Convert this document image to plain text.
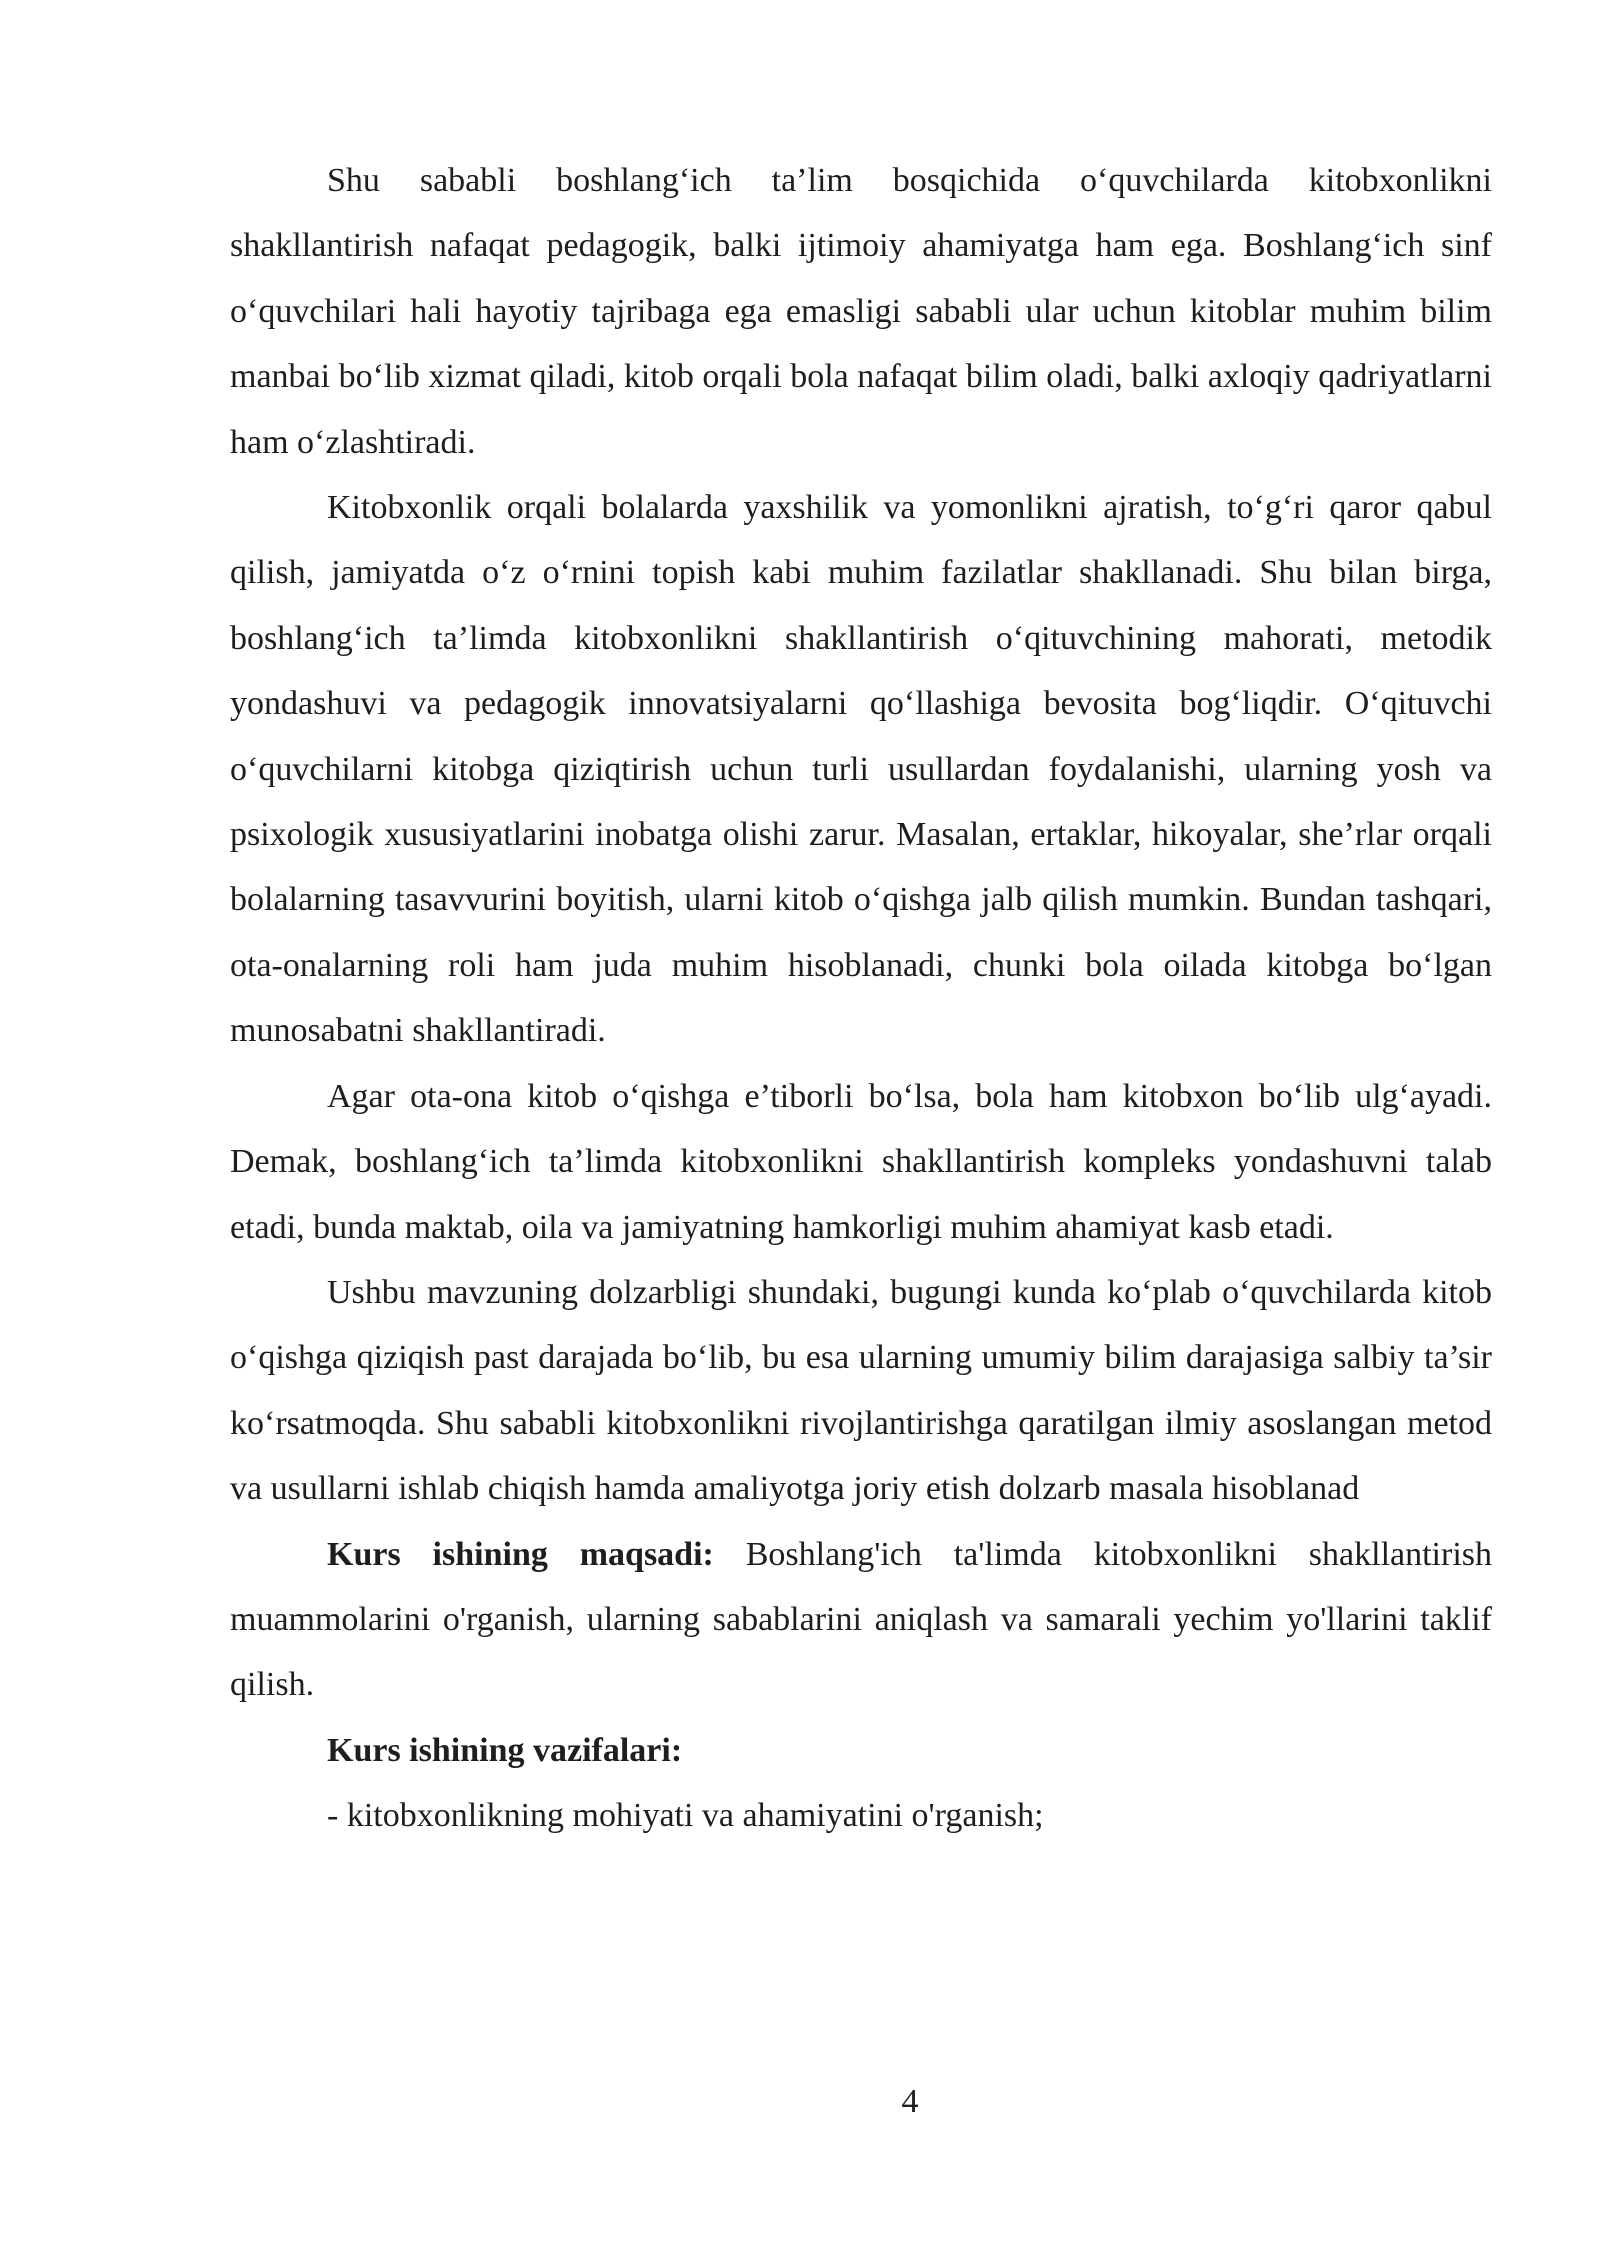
Shu sababli boshlang‘ich ta’lim bosqichida o‘quvchilarda kitobxonlikni shakllantirish nafaqat pedagogik, balki ijtimoiy ahamiyatga ham ega. Boshlang‘ich sinf o‘quvchilari hali hayotiy tajribaga ega emasligi sababli ular uchun kitoblar muhim bilim manbai bo‘lib xizmat qiladi, kitob orqali bola nafaqat bilim oladi, balki axloqiy qadriyatlarni ham o‘zlashtiradi.

Kitobxonlik orqali bolalarda yaxshilik va yomonlikni ajratish, to‘g‘ri qaror qabul qilish, jamiyatda o‘z o‘rnini topish kabi muhim fazilatlar shakllanadi. Shu bilan birga, boshlang‘ich ta’limda kitobxonlikni shakllantirish o‘qituvchining mahorati, metodik yondashuvi va pedagogik innovatsiyalarni qo‘llashiga bevosita bog‘liqdir. O‘qituvchi o‘quvchilarni kitobga qiziqtirish uchun turli usullardan foydalanishi, ularning yosh va psixologik xususiyatlarini inobatga olishi zarur. Masalan, ertaklar, hikoyalar, she’rlar orqali bolalarning tasavvurini boyitish, ularni kitob o‘qishga jalb qilish mumkin. Bundan tashqari, ota-onalarning roli ham juda muhim hisoblanadi, chunki bola oilada kitobga bo‘lgan munosabatni shakllantiradi.

Agar ota-ona kitob o‘qishga e’tiborli bo‘lsa, bola ham kitobxon bo‘lib ulg‘ayadi. Demak, boshlang‘ich ta’limda kitobxonlikni shakllantirish kompleks yondashuvni talab etadi, bunda maktab, oila va jamiyatning hamkorligi muhim ahamiyat kasb etadi.

Ushbu mavzuning dolzarbligi shundaki, bugungi kunda ko‘plab o‘quvchilarda kitob o‘qishga qiziqish past darajada bo‘lib, bu esa ularning umumiy bilim darajasiga salbiy ta’sir ko‘rsatmoqda. Shu sababli kitobxonlikni rivojlantirishga qaratilgan ilmiy asoslangan metod va usullarni ishlab chiqish hamda amaliyotga joriy etish dolzarb masala hisoblanad

Kurs ishining maqsadi: Boshlang'ich ta'limda kitobxonlikni shakllantirish muammolarini o'rganish, ularning sabablarini aniqlash va samarali yechim yo'llarini taklif qilish.

Kurs ishining vazifalari:

- kitobxonlikning mohiyati va ahamiyatini o'rganish;

4
